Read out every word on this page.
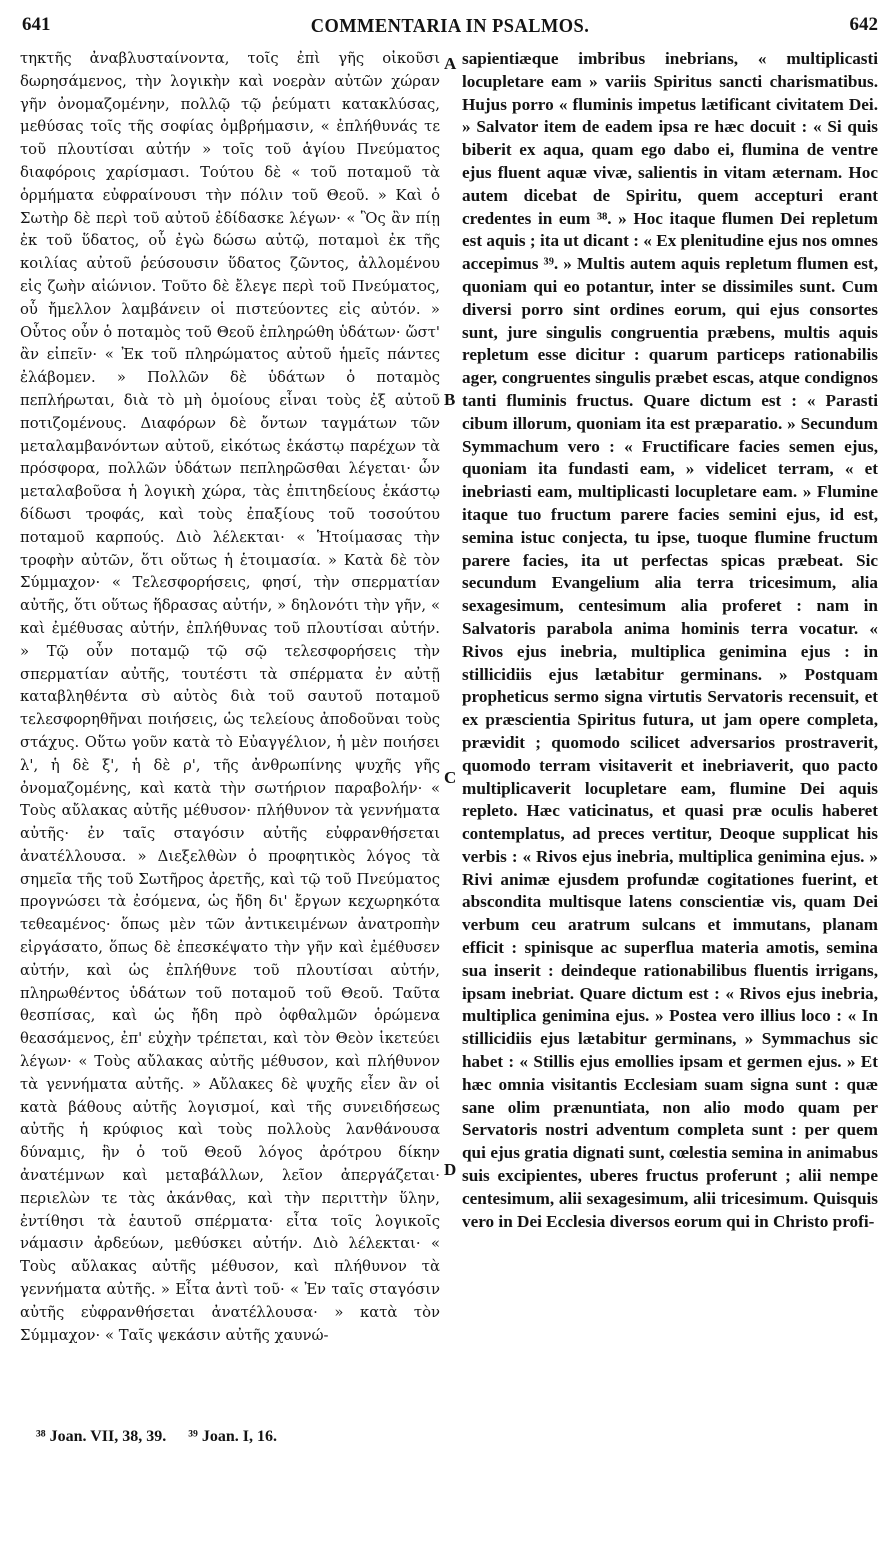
641	COMMENTARIA IN PSALMOS.	642

τηκτῆς ἀναβλυσταίνοντα, τοῖς ἐπὶ γῆς οἰκοῦσι δωρησάμενος, τὴν λογικὴν καὶ νοερὰν αὐτῶν χώραν γῆν ὀνομαζομένην, πολλῷ τῷ ῥεύματι κατακλύσας, μεθύσας τοῖς τῆς σοφίας ὀμβρήμασιν, « ἐπλήθυνάς τε τοῦ πλουτίσαι αὐτήν » τοῖς τοῦ ἁγίου Πνεύματος διαφόροις χαρίσμασι. Τούτου δὲ « τοῦ ποταμοῦ τὰ ὁρμήματα εὐφραίνουσι τὴν πόλιν τοῦ Θεοῦ. » Καὶ ὁ Σωτὴρ δὲ περὶ τοῦ αὐτοῦ ἐδίδασκε λέγων· « Ὃς ἂν πίῃ ἐκ τοῦ ὕδατος, οὗ ἐγὼ δώσω αὐτῷ, ποταμοὶ ἐκ τῆς κοιλίας αὐτοῦ ῥεύσουσιν ὕδατος ζῶντος, ἀλλομένου εἰς ζωὴν αἰώνιον. Τοῦτο δὲ ἔλεγε περὶ τοῦ Πνεύματος, οὗ ἤμελλον λαμβάνειν οἱ πιστεύοντες εἰς αὐτόν. » Οὗτος οὖν ὁ ποταμὸς τοῦ Θεοῦ ἐπληρώθη ὑδάτων· ὥστ' ἂν εἰπεῖν· « Ἐκ τοῦ πληρώματος αὐτοῦ ἡμεῖς πάντες ἐλάβομεν. » Πολλῶν δὲ ὑδάτων ὁ ποταμὸς πεπλήρωται, διὰ τὸ μὴ ὁμοίους εἶναι τοὺς ἐξ αὐτοῦ ποτιζομένους. Διαφόρων δὲ ὄντων ταγμάτων τῶν μεταλαμβανόντων αὐτοῦ, εἰκότως ἑκάστῳ παρέχων τὰ πρόσφορα, πολλῶν ὑδάτων πεπληρῶσθαι λέγεται· ὧν μεταλαβοῦσα ἡ λογικὴ χώρα, τὰς ἐπιτηδείους ἑκάστῳ δίδωσι τροφάς, καὶ τοὺς ἐπαξίους τοῦ τοσούτου ποταμοῦ καρπούς. Διὸ λέλεκται· « Ἡτοίμασας τὴν τροφὴν αὐτῶν, ὅτι οὕτως ἡ ἑτοιμασία. » Κατὰ δὲ τὸν Σύμμαχον· « Τελεσφορήσεις, φησί, τὴν σπερματίαν αὐτῆς, ὅτι οὕτως ἥδρασας αὐτήν, » δηλονότι τὴν γῆν, « καὶ ἐμέθυσας αὐτήν, ἐπλήθυνας τοῦ πλουτίσαι αὐτήν. » Τῷ οὖν ποταμῷ τῷ σῷ τελεσφορήσεις τὴν σπερματίαν αὐτῆς, τουτέστι τὰ σπέρματα ἐν αὐτῇ καταβληθέντα σὺ αὐτὸς διὰ τοῦ σαυτοῦ ποταμοῦ τελεσφορηθῆναι ποιήσεις, ὡς τελείους ἀποδοῦναι τοὺς στάχυς. Οὕτω γοῦν κατὰ τὸ Εὐαγγέλιον, ἡ μὲν ποιήσει λ', ἡ δὲ ξ', ἡ δὲ ρ', τῆς ἀνθρωπίνης ψυχῆς γῆς ὀνομαζομένης, καὶ κατὰ τὴν σωτήριον παραβολήν· « Τοὺς αὔλακας αὐτῆς μέθυσον· πλήθυνον τὰ γεννήματα αὐτῆς· ἐν ταῖς σταγόσιν αὐτῆς εὐφρανθήσεται ἀνατέλλουσα. » Διεξελθὼν ὁ προφητικὸς λόγος τὰ σημεῖα τῆς τοῦ Σωτῆρος ἀρετῆς, καὶ τῷ τοῦ Πνεύματος προγνώσει τὰ ἐσόμενα, ὡς ἤδη δι' ἔργων κεχωρηκότα τεθεαμένος· ὅπως μὲν τῶν ἀντικειμένων ἀνατροπὴν εἰργάσατο, ὅπως δὲ ἐπεσκέψατο τὴν γῆν καὶ ἐμέθυσεν αὐτήν, καὶ ὡς ἐπλήθυνε τοῦ πλουτίσαι αὐτήν, πληρωθέντος ὑδάτων τοῦ ποταμοῦ τοῦ Θεοῦ. Ταῦτα θεσπίσας, καὶ ὡς ἤδη πρὸ ὀφθαλμῶν ὁρώμενα θεασάμενος, ἐπ' εὐχὴν τρέπεται, καὶ τὸν Θεὸν ἱκετεύει λέγων· « Τοὺς αὔλακας αὐτῆς μέθυσον, καὶ πλήθυνον τὰ γεννήματα αὐτῆς. » Αὔλακες δὲ ψυχῆς εἶεν ἂν οἱ κατὰ βάθους αὐτῆς λογισμοί, καὶ τῆς συνειδήσεως αὐτῆς ἡ κρύφιος καὶ τοὺς πολλοὺς λανθάνουσα δύναμις, ἣν ὁ τοῦ Θεοῦ λόγος ἀρότρου δίκην ἀνατέμνων καὶ μεταβάλλων, λεῖον ἀπεργάζεται· περιελὼν τε τὰς ἀκάνθας, καὶ τὴν περιττὴν ὕλην, ἐντίθησι τὰ ἑαυτοῦ σπέρματα· εἶτα τοῖς λογικοῖς νάμασιν ἀρδεύων, μεθύσκει αὐτήν. Διὸ λέλεκται· « Τοὺς αὔλακας αὐτῆς μέθυσον, καὶ πλήθυνον τὰ γεννήματα αὐτῆς. » Εἶτα ἀντὶ τοῦ· « Ἐν ταῖς σταγόσιν αὐτῆς εὐφρανθήσεται ἀνατέλλουσα· » κατὰ τὸν Σύμμαχον· « Ταῖς ψεκάσιν αὐτῆς χαυνώ-

A
B
C
D

sapientiæque imbribus inebrians, « multiplicasti locupletare eam » variis Spiritus sancti charismatibus. Hujus porro « fluminis impetus lætificant civitatem Dei. » Salvator item de eadem ipsa re hæc docuit : « Si quis biberit ex aqua, quam ego dabo ei, flumina de ventre ejus fluent aquæ vivæ, salientis in vitam æternam. Hoc autem dicebat de Spiritu, quem accepturi erant credentes in eum ³⁸. » Hoc itaque flumen Dei repletum est aquis ; ita ut dicant : « Ex plenitudine ejus nos omnes accepimus ³⁹. » Multis autem aquis repletum flumen est, quoniam qui eo potantur, inter se dissimiles sunt. Cum diversi porro sint ordines eorum, qui ejus consortes sunt, jure singulis congruentia præbens, multis aquis repletum esse dicitur : quarum particeps rationabilis ager, congruentes singulis præbet escas, atque condignos tanti fluminis fructus. Quare dictum est : « Parasti cibum illorum, quoniam ita est præparatio. » Secundum Symmachum vero : « Fructificare facies semen ejus, quoniam ita fundasti eam, » videlicet terram, « et inebriasti eam, multiplicasti locupletare eam. » Flumine itaque tuo fructum parere facies semini ejus, id est, semina istuc conjecta, tu ipse, tuoque flumine fructum parere facies, ita ut perfectas spicas præbeat. Sic secundum Evangelium alia terra tricesimum, alia sexagesimum, centesimum alia proferet : nam in Salvatoris parabola anima hominis terra vocatur. « Rivos ejus inebria, multiplica genimina ejus : in stillicidiis ejus lætabitur germinans. » Postquam propheticus sermo signa virtutis Servatoris recensuit, et ex præscientia Spiritus futura, ut jam opere completa, prævidit ; quomodo scilicet adversarios prostraverit, quomodo terram visitaverit et inebriaverit, quo pacto multiplicaverit locupletare eam, flumine Dei aquis repleto. Hæc vaticinatus, et quasi præ oculis haberet contemplatus, ad preces vertitur, Deoque supplicat his verbis : « Rivos ejus inebria, multiplica genimina ejus. » Rivi animæ ejusdem profundæ cogitationes fuerint, et abscondita multisque latens conscientiæ vis, quam Dei verbum ceu aratrum sulcans et immutans, planam efficit : spinisque ac superflua materia amotis, semina sua inserit : deindeque rationabilibus fluentis irrigans, ipsam inebriat. Quare dictum est : « Rivos ejus inebria, multiplica genimina ejus. » Postea vero illius loco : « In stillicidiis ejus lætabitur germinans, » Symmachus sic habet : « Stillis ejus emollies ipsam et germen ejus. » Et hæc omnia visitantis Ecclesiam suam signa sunt : quæ sane olim prænuntiata, non alio modo quam per Servatoris nostri adventum completa sunt : per quem qui ejus gratia dignati sunt, cœlestia semina in animabus suis excipientes, uberes fructus proferunt ; alii nempe centesimum, alii sexagesimum, alii tricesimum. Quisquis vero in Dei Ecclesia diversos eorum qui in Christo profi-

³⁸ Joan. VII, 38, 39. ³⁹ Joan. I, 16.
